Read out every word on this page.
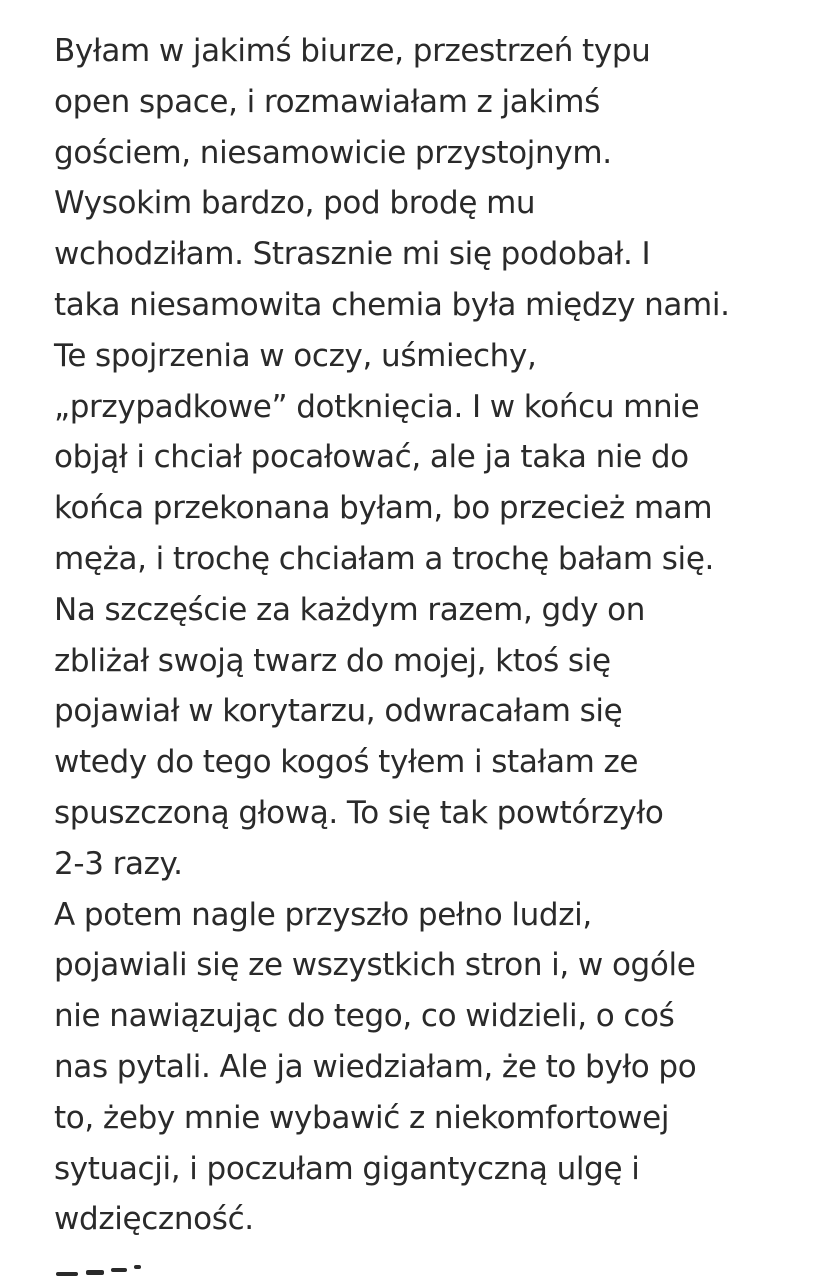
Byłam w jakimś biurze, przestrzeń typu
open space, i rozmawiałam z jakimś
gościem, niesamowicie przystojnym.
Wysokim bardzo, pod brodę mu
wchodziłam. Strasznie mi się podobał. I
taka niesamowita chemia była między nami.
Te spojrzenia w oczy, uśmiechy,
„przypadkowe” dotknięcia. I w końcu mnie
objął i chciał pocałować, ale ja taka nie do
końca przekonana byłam, bo przecież mam
męża, i trochę chciałam a trochę bałam się.
Na szczęście za każdym razem, gdy on
zbliżał swoją twarz do mojej, ktoś się
pojawiał w korytarzu, odwracałam się
wtedy do tego kogoś tyłem i stałam ze
spuszczoną głową. To się tak powtórzyło
2-3 razy.
A potem nagle przyszło pełno ludzi,
pojawiali się ze wszystkich stron i, w ogóle
nie nawiązując do tego, co widzieli, o coś
nas pytali. Ale ja wiedziałam, że to było po
to, żeby mnie wybawić z niekomfortowej
sytuacji, i poczułam gigantyczną ulgę i
wdzięczność.
